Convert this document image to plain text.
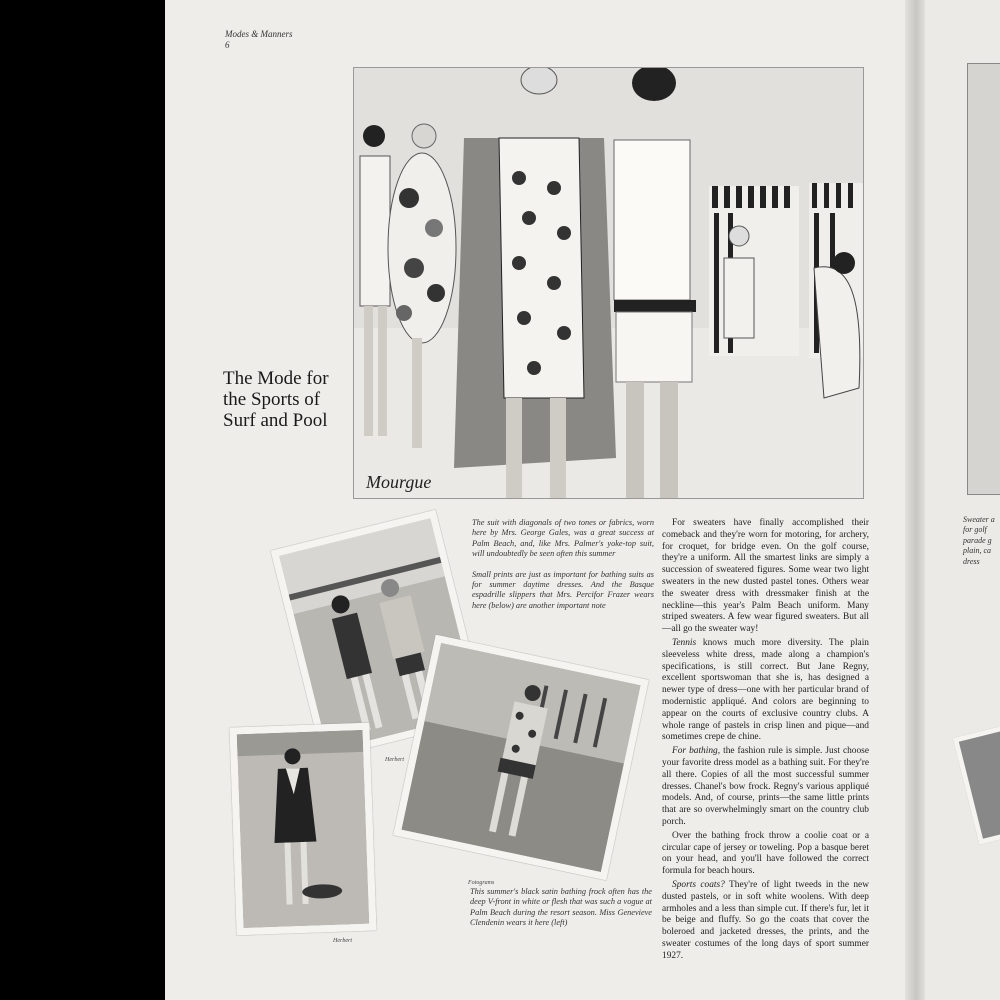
Modes & Manners
6
The Mode for
the Sports of
Surf and Pool
Mourgue
Herbert
Herbert

The suit with diagonals of two tones or fabrics, worn here by Mrs. George Gales, was a great success at Palm Beach, and, like Mrs. Palmer's yoke-top suit, will undoubtedly be seen often this summer

Small prints are just as important for bathing suits as for summer daytime dresses. And the Basque espadrille slippers that Mrs. Percifor Frazer wears here (below) are another important note

Fotograms
This summer's black satin bathing frock often has the deep V-front in white or flesh that was such a vogue at Palm Beach during the resort season. Miss Genevieve Clendenin wears it here (left)

For sweaters have finally accomplished their comeback and they're worn for motoring, for archery, for croquet, for bridge even. On the golf course, they're a uniform. All the smartest links are simply a succession of sweatered figures. Some wear two light sweaters in the new dusted pastel tones. Others wear the sweater dress with dressmaker finish at the neckline—this year's Palm Beach uniform. Many striped sweaters. A few wear figured sweaters. But all—all go the sweater way!

Tennis knows much more diversity. The plain sleeveless white dress, made along a champion's specifications, is still correct. But Jane Regny, excellent sportswoman that she is, has designed a newer type of dress—one with her particular brand of modernistic appliqué. And colors are beginning to appear on the courts of exclusive country clubs. A whole range of pastels in crisp linen and pique—and sometimes crepe de chine.

For bathing, the fashion rule is simple. Just choose your favorite dress model as a bathing suit. For they're all there. Copies of all the most successful summer dresses. Chanel's bow frock. Regny's various appliqué models. And, of course, prints—the same little prints that are so overwhelmingly smart on the country club porch.

Over the bathing frock throw a coolie coat or a circular cape of jersey or toweling. Pop a basque beret on your head, and you'll have followed the correct formula for beach hours.

Sports coats? They're of light tweeds in the new dusted pastels, or in soft white woolens. With deep armholes and a less than simple cut. If there's fur, let it be beige and fluffy. So go the coats that cover the boleroed and jacketed dresses, the prints, and the sweater costumes of the long days of sport summer 1927.

Sweater a
for golf
parade g
plain, ca
dress
